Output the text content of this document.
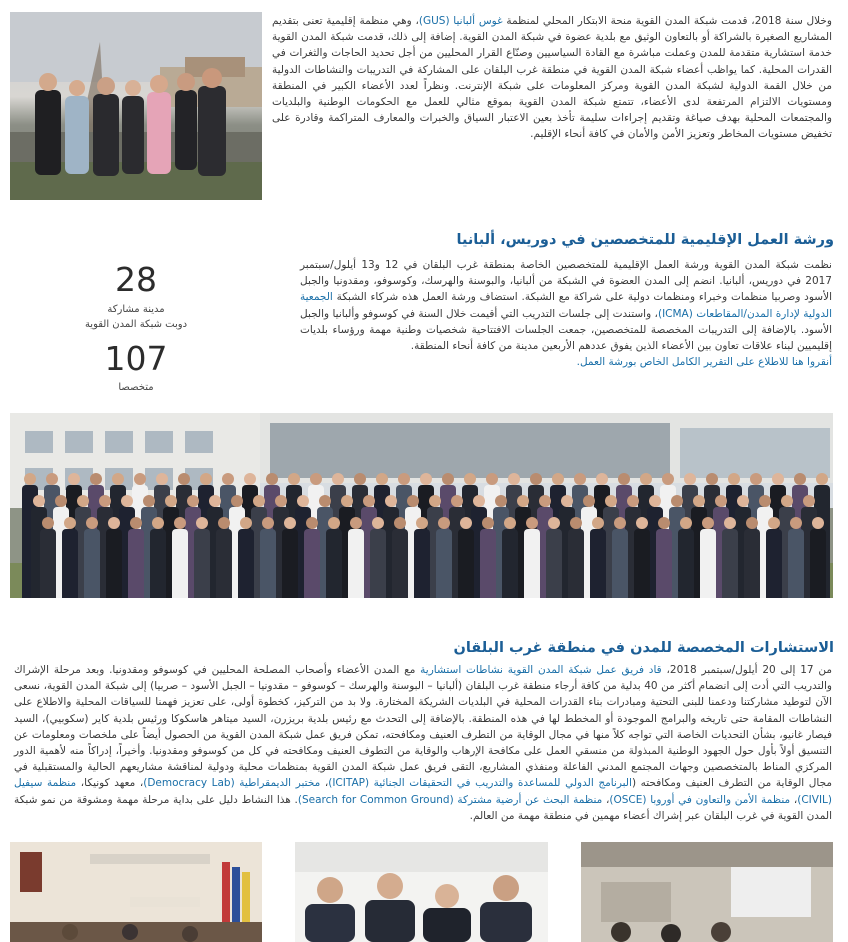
وخلال سنة 2018، قدمت شبكة المدن القوية منحة الابتكار المحلي لمنظمة غوس ألبانيا (GUS)، وهي منظمة إقليمية تعنى بتقديم المشاريع الصغيرة بالشراكة أو بالتعاون الوثيق مع بلدية عضوة في شبكة المدن القوية. إضافة إلى ذلك، قدمت شبكة المدن القوية خدمة استشارية متقدمة للمدن وعملت مباشرة مع القادة السياسيين وصنّاع القرار المحليين من أجل تحديد الحاجات والثغرات في القدرات المحلية. كما يواظب أعضاء شبكة المدن القوية في منطقة غرب البلقان على المشاركة في التدريبات والنشاطات الدولية من خلال القمة الدولية لشبكة المدن القوية ومركز المعلومات على شبكة الإنترنت. ونظراً لعدد الأعضاء الكبير في المنطقة ومستويات الالتزام المرتفعة لدى الأعضاء، تتمتع شبكة المدن القوية بموقع مثالي للعمل مع الحكومات الوطنية والبلديات والمجتمعات المحلية بهدف صياغة وتقديم إجراءات سليمة تأخذ بعين الاعتبار السياق والخبرات والمعارف المتراكمة وقادرة على تخفيض مستويات المخاطر وتعزيز الأمن والأمان في كافة أنحاء الإقليم.
ورشة العمل الإقليمية للمتخصصين في دوريس، ألبانيا
28
مدينة مشاركة
دوبت شبكة المدن القوية
107
متخصصا
نظمت شبكة المدن القوية ورشة العمل الإقليمية للمتخصصين الخاصة بمنطقة غرب البلقان في 12 و13 أيلول/سبتمبر 2017 في دوريس، ألبانيا. انضم إلى المدن العضوة في الشبكة من ألبانيا، والبوسنة والهرسك، وكوسوفو، ومقدونيا والجبل الأسود وصربيا منظمات وخبراء ومنظمات دولية على شراكة مع الشبكة. استضاف ورشة العمل هذه شركاء الشبكة الجمعية الدولية لإدارة المدن/المقاطعات (ICMA)، واستندت إلى جلسات التدريب التي أقيمت خلال السنة في كوسوفو وألبانيا والجبل الأسود. بالإضافة إلى التدريبات المخصصة للمتخصصين، جمعت الجلسات الافتتاحية شخصيات وطنية مهمة ورؤساء بلديات إقليميين لبناء علاقات تعاون بين الأعضاء الذين يفوق عددهم الأربعين مدينة من كافة أنحاء المنطقة.
أنقروا هنا للاطلاع على التقرير الكامل الخاص بورشة العمل.
الاستشارات المخصصة للمدن في منطقة غرب البلقان
من 17 إلى 20 أيلول/سبتمبر 2018، قاد فريق عمل شبكة المدن القوية نشاطات استشارية مع المدن الأعضاء وأصحاب المصلحة المحليين في كوسوفو ومقدونيا. وبعد مرحلة الإشراك والتدريب التي أدت إلى انضمام أكثر من 40 بدلية من كافة أرجاء منطقة غرب البلقان (ألبانيا – البوسنة والهرسك – كوسوفو – مقدونيا – الجبل الأسود – صربيا) إلى شبكة المدن القوية، نسعى الآن لتوطيد مشاركتنا ودعمنا للبنى التحتية ومبادرات بناء القدرات المحلية في البلديات الشريكة المختارة. ولا بد من التركيز، كخطوة أولى، على تعزيز فهمنا للسياقات المحلية والاطلاع على النشاطات المقامة حتى تاريخه والبرامج الموجودة أو المخطط لها في هذه المنطقة. بالإضافة إلى التحدث مع رئيس بلدية بريزرن، السيد ميتاهر هاسكوكا ورئيس بلدية كاير (سكوبيي)، السيد فيصار غانيو، بشأن التحديات الخاصة التي تواجه كلاً منها في مجال الوقاية من التطرف العنيف ومكافحته، تمكن فريق عمل شبكة المدن القوية من الحصول أيضاً على ملخصات ومعلومات عن التنسيق أولاً بأول حول الجهود الوطنية المبذولة من منسقي العمل على مكافحة الإرهاب والوقاية من التطوف العنيف ومكافحته في كل من كوسوفو ومقدونيا. وأخيراً، إدراكاً منه لأهمية الدور المركزي المناط بالمتخصصين وجهات المجتمع المدني الفاعلة ومنفذي المشاريع، التقى فريق عمل شبكة المدن القوية بمنظمات محلية ودولية لمناقشة مشاريعهم الحالية والمستقبلية في مجال الوقاية من التطرف العنيف ومكافحته (البرنامج الدولي للمساعدة والتدريب في التحقيقات الجنائية (ICITAP)، مختبر الديمقراطية (Democracy Lab)، معهد كونيكا، منظمة سيفيل (CIVIL)، منظمة الأمن والتعاون في أوروبا (OSCE)، منظمة البحث عن أرضية مشتركة (Search for Common Ground). هذا النشاط دليل على بداية مرحلة مهمة ومشوقة من نمو شبكة المدن القوية في غرب البلقان عبر إشراك أعضاء مهمين في منطقة مهمة من العالم.
